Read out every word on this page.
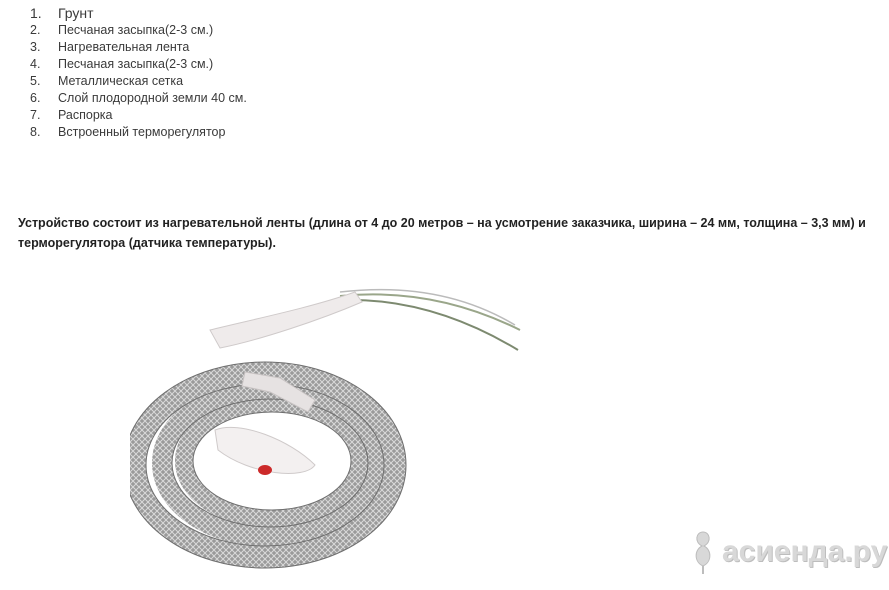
1.	Грунт
2.	Песчаная засыпка(2-3 см.)
3.	Нагревательная лента
4.	Песчаная засыпка(2-3 см.)
5.	Металлическая сетка
6.	Слой плодородной земли 40 см.
7.	Распорка
8.	Встроенный терморегулятор

Устройство состоит из нагревательной ленты (длина от 4 до 20 метров – на усмотрение заказчика, ширина – 24 мм, толщина – 3,3 мм) и терморегулятора (датчика температуры).

асиенда.ру
